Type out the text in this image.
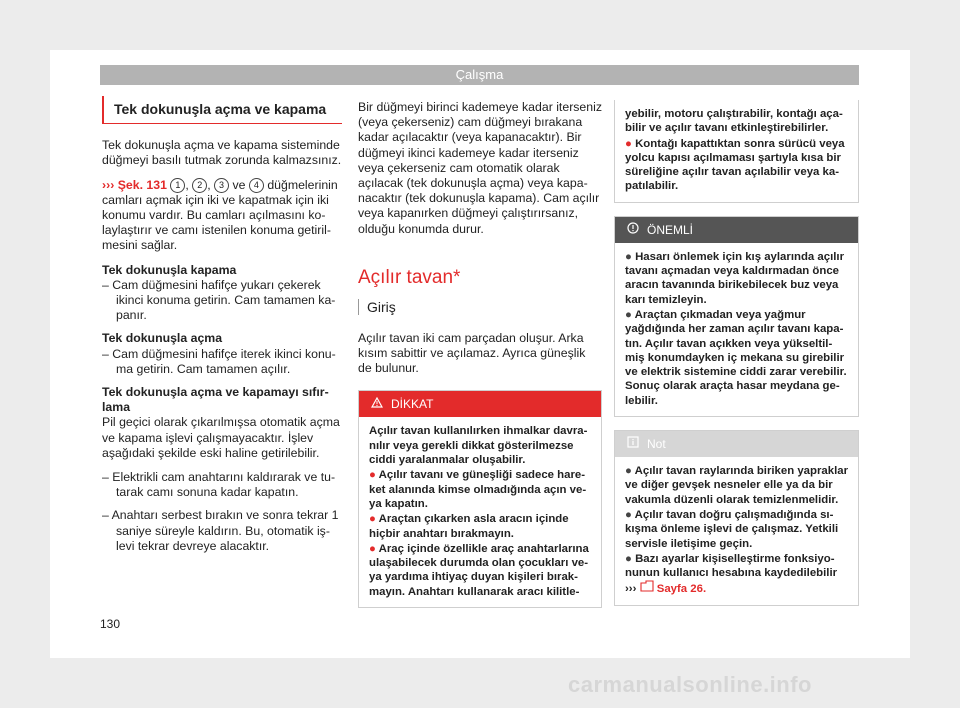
Çalışma
Tek dokunuşla açma ve kapama

Tek dokunuşla açma ve kapama sisteminde düğmeyi basılı tutmak zorunda kalmazsınız.

››› Şek. 131 1 , 2 , 3 ve 4 düğmelerinin camları açmak için iki ve kapatmak için iki konumu vardır. Bu camları açılmasını kolaylaştırır ve camı istenilen konuma getirilmesini sağlar.

Tek dokunuşla kapama

– Cam düğmesini hafifçe yukarı çekerek ikinci konuma getirin. Cam tamamen kapanır.

Tek dokunuşla açma

– Cam düğmesini hafifçe iterek ikinci konuma getirin. Cam tamamen açılır.

Tek dokunuşla açma ve kapamayı sıfırlama

Pil geçici olarak çıkarılmışsa otomatik açma ve kapama işlevi çalışmayacaktır. İşlev aşağıdaki şekilde eski haline getirilebilir.

– Elektrikli cam anahtarını kaldırarak ve tutarak camı sonuna kadar kapatın.

– Anahtarı serbest bırakın ve sonra tekrar 1 saniye süreyle kaldırın. Bu, otomatik işlevi tekrar devreye alacaktır.

Bir düğmeyi birinci kademeye kadar itersеniz (veya çekerseniz) cam düğmeyi bırakana kadar açılacaktır (veya kapanacaktır). Bir düğmeyi ikinci kademeye kadar iterseniz veya çekerseniz cam otomatik olarak açılacak (tek dokunuşla açma) veya kapanacaktır (tek dokunuşla kapama). Cam açılır veya kapanırken düğmeyi çalıştırırsanız, olduğu konumda durur.

Açılır tavan*
Giriş

Açılır tavan iki cam parçadan oluşur. Arka kısım sabittir ve açılamaz. Ayrıca güneşlik de bulunur.

DİKKAT

Açılır tavan kullanılırken ihmalkar davranılır veya gerekli dikkat gösterilmezse ciddi yaralanmalar oluşabilir.

● Açılır tavanı ve güneşliği sadece hareket alanında kimse olmadığında açın veya kapatın.

● Araçtan çıkarken asla aracın içinde hiçbir anahtarı bırakmayın.

● Araç içinde özellikle araç anahtarlarına ulaşabilecek durumda olan çocukları veya yardıma ihtiyaç duyan kişileri bırakmayın. Anahtarı kullanarak aracı kilitle-

yebilir, motoru çalıştırabilir, kontağı açabilir ve açılır tavanı etkinleştirebilirler.

● Kontağı kapattıktan sonra sürücü veya yolcu kapısı açılmaması şartıyla kısa bir süreliğine açılır tavan açılabilir veya kapatılabilir.

ÖNEMLİ

● Hasarı önlemek için kış aylarında açılır tavanı açmadan veya kaldırmadan önce aracın tavanında birikebilecek buz veya karı temizleyin.

● Araçtan çıkmadan veya yağmur yağdığında her zaman açılır tavanı kapatın. Açılır tavan açıkken veya yükseltilmiş konumdayken iç mekana su girebilir ve elektrik sistemine ciddi zarar verebilir. Sonuç olarak araçta hasar meydana gelebilir.

Not

● Açılır tavan raylarında biriken yapraklar ve diğer gevşek nesneler elle ya da bir vakumla düzenli olarak temizlenmelidir.

● Açılır tavan doğru çalışmadığında sıkışma önleme işlevi de çalışmaz. Yetkili servisle iletişime geçin.

● Bazı ayarlar kişiselleştirme fonksiyonunun kullanıcı hesabına kaydedilebilir
››› Sayfa 26.

130
carmanualsonline.info
